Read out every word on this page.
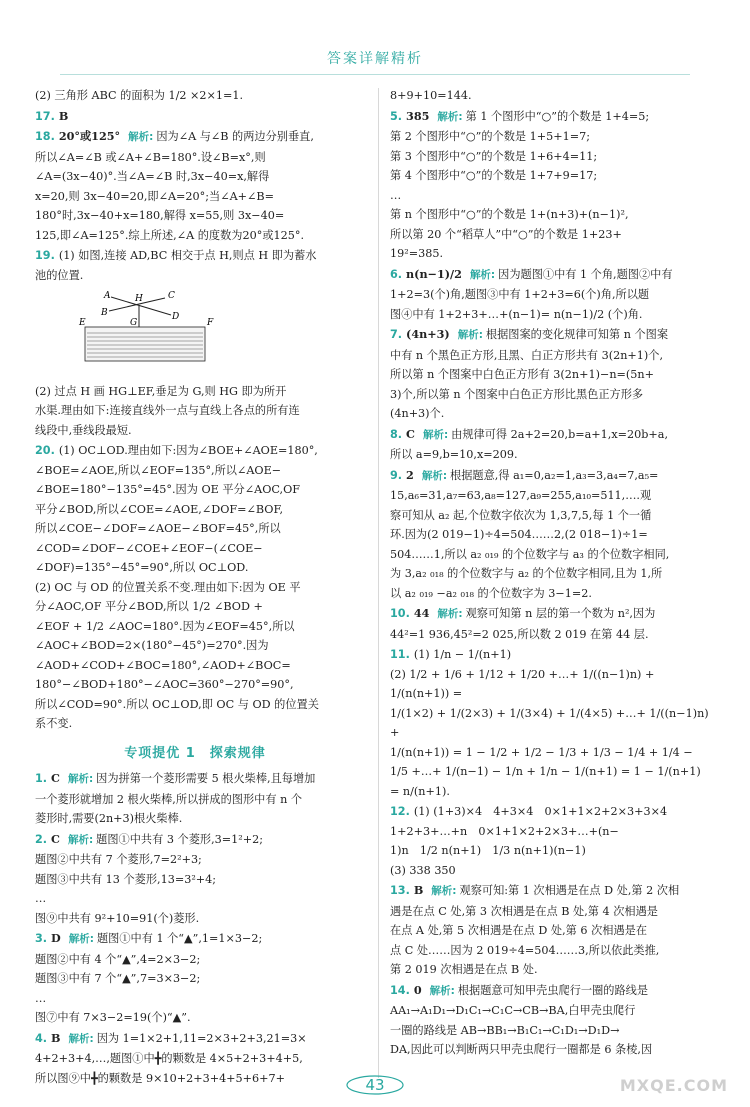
答案详解精析
(2) 三角形 ABC 的面积为 1/2 ×2×1=1.
17. B
18. 20°或125° 解析: 因为∠A 与∠B 的两边分别垂直,
所以∠A=∠B 或∠A+∠B=180°.设∠B=x°,则
∠A=(3x−40)°.当∠A=∠B 时,3x−40=x,解得
x=20,则 3x−40=20,即∠A=20°;当∠A+∠B=
180°时,3x−40+x=180,解得 x=55,则 3x−40=
125,即∠A=125°.综上所述,∠A 的度数为20°或125°.
19. (1) 如图,连接 AD,BC 相交于点 H,则点 H 即为蓄水
池的位置.
A
B
C
D
H
G
E	F
(2) 过点 H 画 HG⊥EF,垂足为 G,则 HG 即为所开
水渠.理由如下:连接直线外一点与直线上各点的所有连
线段中,垂线段最短.
20. (1) OC⊥OD.理由如下:因为∠BOE+∠AOE=180°,
∠BOE=∠AOE,所以∠EOF=135°,所以∠AOE−
∠BOE=180°−135°=45°.因为 OE 平分∠AOC,OF
平分∠BOD,所以∠COE=∠AOE,∠DOF=∠BOF,
所以∠COE−∠DOF=∠AOE−∠BOF=45°,所以
∠COD=∠DOF−∠COE+∠EOF−(∠COE−
∠DOF)=135°−45°=90°,所以 OC⊥OD.
(2) OC 与 OD 的位置关系不变.理由如下:因为 OE 平
分∠AOC,OF 平分∠BOD,所以 1/2 ∠BOD +
∠EOF + 1/2 ∠AOC=180°.因为∠EOF=45°,所以
∠AOC+∠BOD=2×(180°−45°)=270°.因为
∠AOD+∠COD+∠BOC=180°,∠AOD+∠BOC=
180°−∠BOD+180°−∠AOC=360°−270°=90°,
所以∠COD=90°.所以 OC⊥OD,即 OC 与 OD 的位置关
系不变.
专项提优 1　探索规律
1. C 解析: 因为拼第一个菱形需要 5 根火柴棒,且每增加
一个菱形就增加 2 根火柴棒,所以拼成的图形中有 n 个
菱形时,需要(2n+3)根火柴棒.
2. C 解析: 题图①中共有 3 个菱形,3=1²+2;
题图②中共有 7 个菱形,7=2²+3;
题图③中共有 13 个菱形,13=3²+4;
…
图⑨中共有 9²+10=91(个)菱形.
3. D 解析: 题图①中有 1 个“▲”,1=1×3−2;
题图②中有 4 个“▲”,4=2×3−2;
题图③中有 7 个“▲”,7=3×3−2;
…
图⑦中有 7×3−2=19(个)“▲”.
4. B 解析: 因为 1=1×2+1,11=2×3+2+3,21=3×
4+2+3+4,…,题图①中╋的颗数是 4×5+2+3+4+5,
所以图⑨中╋的颗数是 9×10+2+3+4+5+6+7+
8+9+10=144.
5. 385 解析: 第 1 个图形中“○”的个数是 1+4=5;
第 2 个图形中“○”的个数是 1+5+1=7;
第 3 个图形中“○”的个数是 1+6+4=11;
第 4 个图形中“○”的个数是 1+7+9=17;
…
第 n 个图形中“○”的个数是 1+(n+3)+(n−1)²,
所以第 20 个“稻草人”中“○”的个数是 1+23+
19²=385.
6. n(n−1)/2 解析: 因为题图①中有 1 个角,题图②中有
1+2=3(个)角,题图③中有 1+2+3=6(个)角,所以题
图④中有 1+2+3+…+(n−1)= n(n−1)/2 (个)角.
7. (4n+3) 解析: 根据图案的变化规律可知第 n 个图案
中有 n 个黑色正方形,且黑、白正方形共有 3(2n+1)个,
所以第 n 个图案中白色正方形有 3(2n+1)−n=(5n+
3)个,所以第 n 个图案中白色正方形比黑色正方形多
(4n+3)个.
8. C 解析: 由规律可得 2a+2=20,b=a+1,x=20b+a,
所以 a=9,b=10,x=209.
9. 2 解析: 根据题意,得 a₁=0,a₂=1,a₃=3,a₄=7,a₅=
15,a₆=31,a₇=63,a₈=127,a₉=255,a₁₀=511,….观
察可知从 a₂ 起,个位数字依次为 1,3,7,5,每 1 个一循
环.因为(2 019−1)÷4=504……2,(2 018−1)÷1=
504……1,所以 a₂ ₀₁₉ 的个位数字与 a₃ 的个位数字相同,
为 3,a₂ ₀₁₈ 的个位数字与 a₂ 的个位数字相同,且为 1,所
以 a₂ ₀₁₉ −a₂ ₀₁₈ 的个位数字为 3−1=2.
10. 44 解析: 观察可知第 n 层的第一个数为 n²,因为
44²=1 936,45²=2 025,所以数 2 019 在第 44 层.
11. (1) 1/n − 1/(n+1)
(2) 1/2 + 1/6 + 1/12 + 1/20 +…+ 1/((n−1)n) + 1/(n(n+1)) =
1/(1×2) + 1/(2×3) + 1/(3×4) + 1/(4×5) +…+ 1/((n−1)n) +
1/(n(n+1)) = 1 − 1/2 + 1/2 − 1/3 + 1/3 − 1/4 + 1/4 −
1/5 +…+ 1/(n−1) − 1/n + 1/n − 1/(n+1) = 1 − 1/(n+1) = n/(n+1).
12. (1) (1+3)×4　4+3×4　0×1+1×2+2×3+3×4
1+2+3+…+n　0×1+1×2+2×3+…+(n−
1)n　1/2 n(n+1)　1/3 n(n+1)(n−1)
(3) 338 350
13. B 解析: 观察可知:第 1 次相遇是在点 D 处,第 2 次相
遇是在点 C 处,第 3 次相遇是在点 B 处,第 4 次相遇是
在点 A 处,第 5 次相遇是在点 D 处,第 6 次相遇是在
点 C 处……因为 2 019÷4=504……3,所以依此类推,
第 2 019 次相遇是在点 B 处.
14. 0 解析: 根据题意可知甲壳虫爬行一圈的路线是
AA₁→A₁D₁→D₁C₁→C₁C→CB→BA,白甲壳虫爬行
一圈的路线是 AB→BB₁→B₁C₁→C₁D₁→D₁D→
DA,因此可以判断两只甲壳虫爬行一圈都是 6 条棱,因
43	MXQE.COM
